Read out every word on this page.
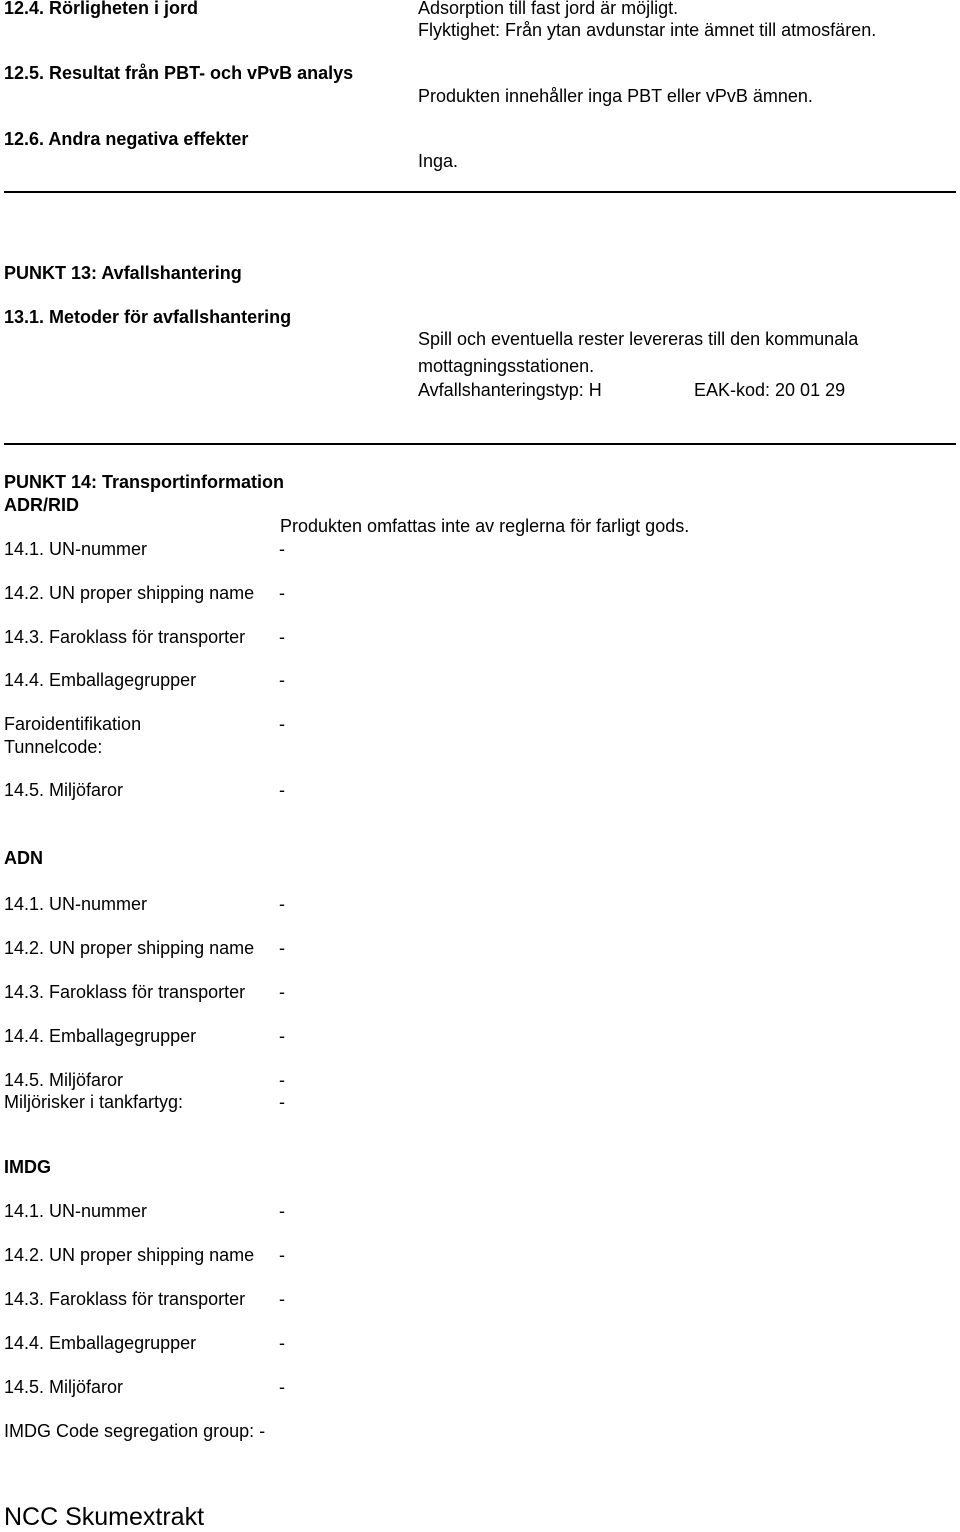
12.4. Rörligheten i jord	Adsorption till fast jord är möjligt.
Flyktighet: Från ytan avdunstar inte ämnet till atmosfären.
12.5. Resultat från PBT- och vPvB analys
Produkten innehåller inga PBT eller vPvB ämnen.
12.6. Andra negativa effekter
Inga.
PUNKT 13: Avfallshantering
13.1. Metoder för avfallshantering
Spill och eventuella rester levereras till den kommunala
mottagningsstationen.
Avfallshanteringstyp: H	EAK-kod: 20 01 29
PUNKT 14: Transportinformation
ADR/RID
Produkten omfattas inte av reglerna för farligt gods.
14.1. UN-nummer	-
14.2. UN proper shipping name -
14.3. Faroklass för transporter -
14.4. Emballagegrupper	-
Faroidentifikation	-
Tunnelcode:
14.5. Miljöfaror	-
ADN
14.1. UN-nummer	-
14.2. UN proper shipping name -
14.3. Faroklass för transporter -
14.4. Emballagegrupper	-
14.5. Miljöfaror	-
Miljörisker i tankfartyg:	-
IMDG
14.1. UN-nummer	-
14.2. UN proper shipping name -
14.3. Faroklass för transporter -
14.4. Emballagegrupper	-
14.5. Miljöfaror	-
IMDG Code segregation group: -
NCC Skumextrakt
